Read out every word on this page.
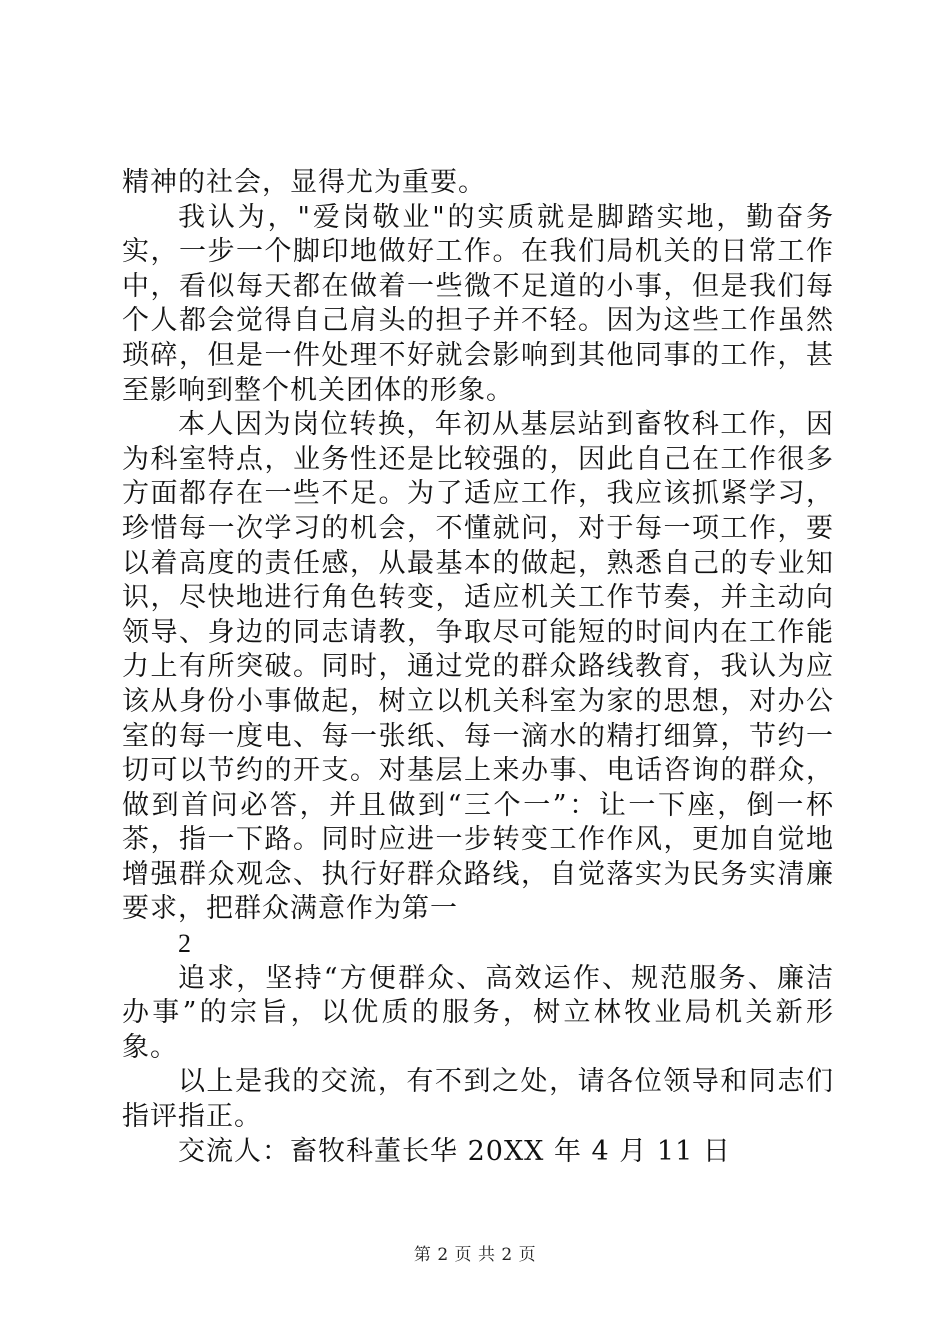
精神的社会，显得尤为重要。

我认为，"爱岗敬业"的实质就是脚踏实地，勤奋务实，一步一个脚印地做好工作。在我们局机关的日常工作中，看似每天都在做着一些微不足道的小事，但是我们每个人都会觉得自己肩头的担子并不轻。因为这些工作虽然琐碎，但是一件处理不好就会影响到其他同事的工作，甚至影响到整个机关团体的形象。

本人因为岗位转换，年初从基层站到畜牧科工作，因为科室特点，业务性还是比较强的，因此自己在工作很多方面都存在一些不足。为了适应工作，我应该抓紧学习，珍惜每一次学习的机会，不懂就问，对于每一项工作，要以着高度的责任感，从最基本的做起，熟悉自己的专业知识，尽快地进行角色转变，适应机关工作节奏，并主动向领导、身边的同志请教，争取尽可能短的时间内在工作能力上有所突破。同时，通过党的群众路线教育，我认为应该从身份小事做起，树立以机关科室为家的思想，对办公室的每一度电、每一张纸、每一滴水的精打细算，节约一切可以节约的开支。对基层上来办事、电话咨询的群众，做到首问必答，并且做到“三个一”：让一下座，倒一杯茶，指一下路。同时应进一步转变工作作风，更加自觉地增强群众观念、执行好群众路线，自觉落实为民务实清廉要求，把群众满意作为第一

2

追求，坚持“方便群众、高效运作、规范服务、廉洁办事”的宗旨，以优质的服务，树立林牧业局机关新形象。

以上是我的交流，有不到之处，请各位领导和同志们指评指正。

交流人：畜牧科董长华 20XX 年 4 月 11 日

第 2 页 共 2 页
